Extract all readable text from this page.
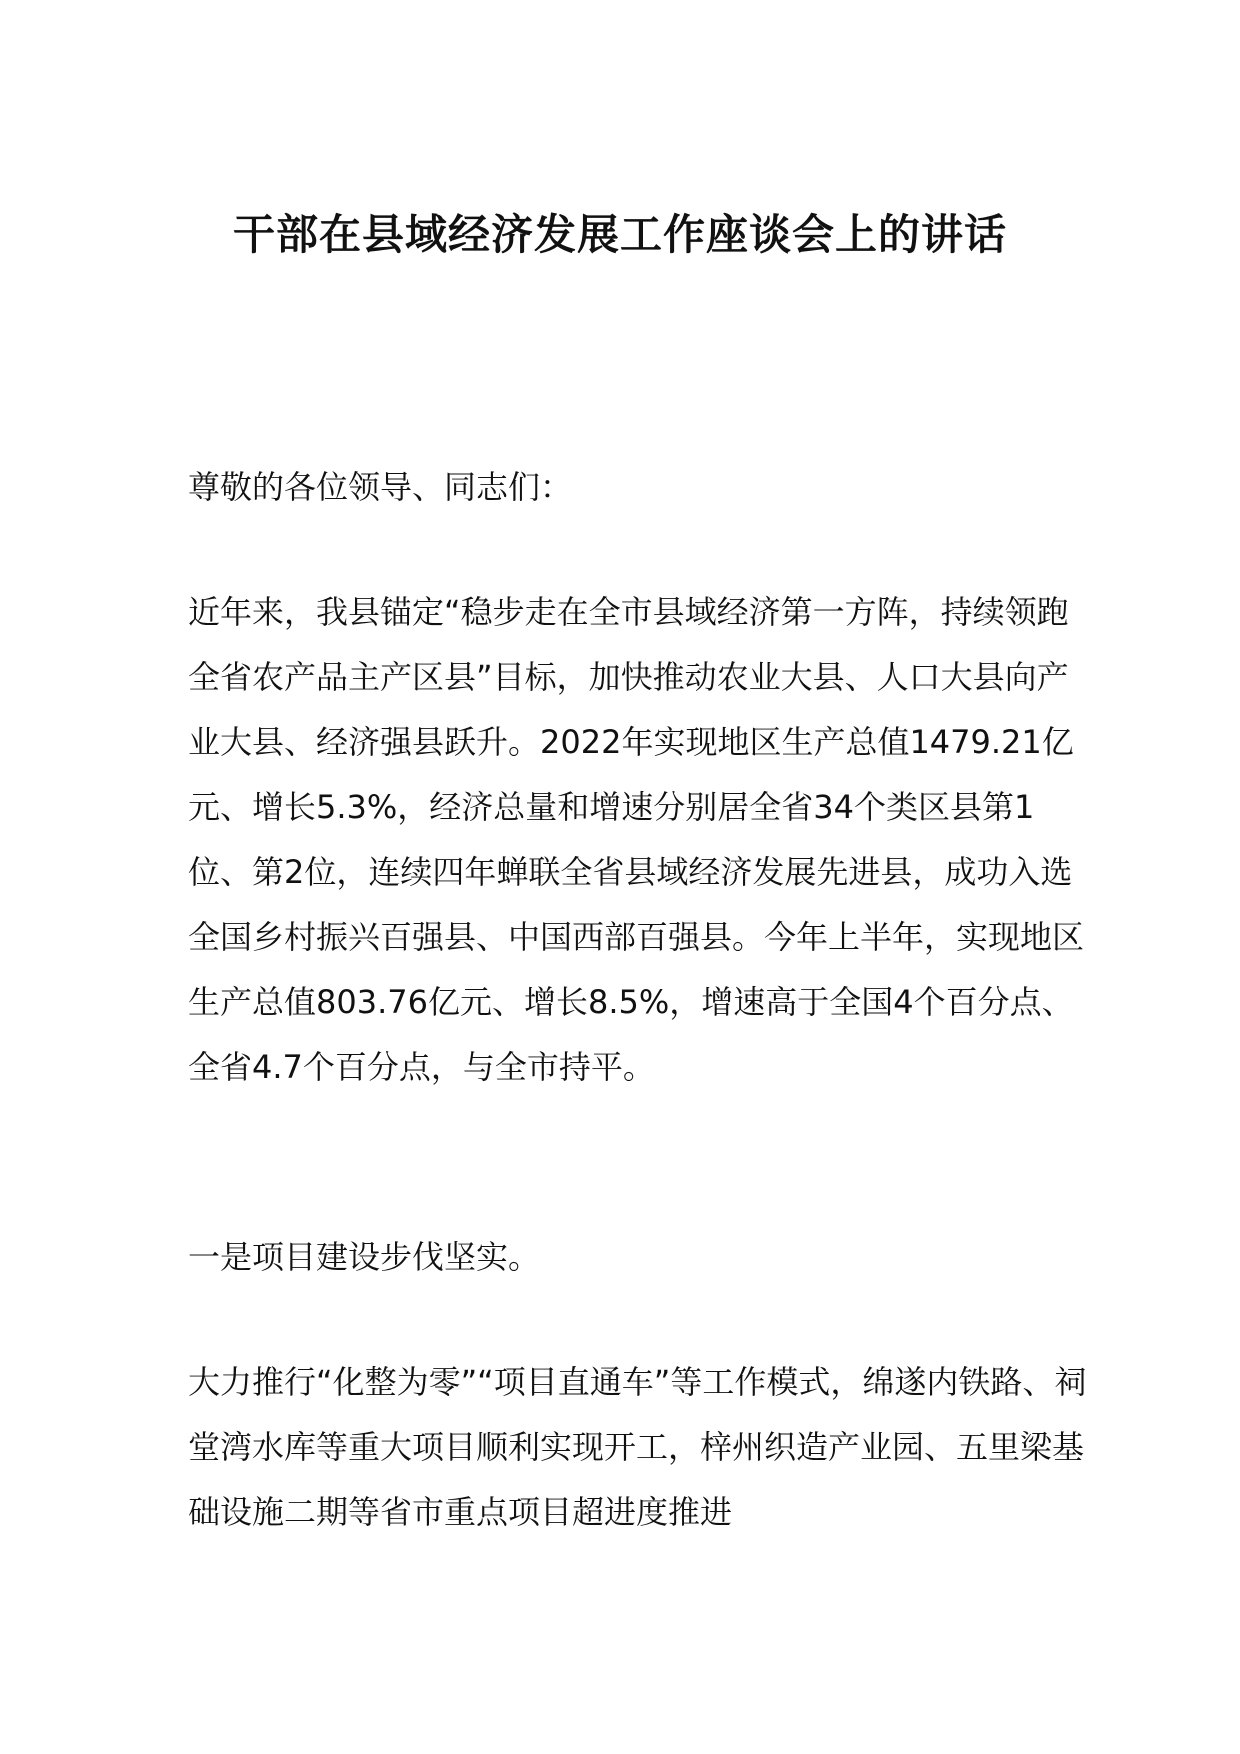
干部在县域经济发展工作座谈会上的讲话

尊敬的各位领导、同志们：

近年来，我县锚定“稳步走在全市县域经济第一方阵，持续领跑全省农产品主产区县”目标，加快推动农业大县、人口大县向产业大县、经济强县跃升。2022年实现地区生产总值1479.21亿元、增长5.3%，经济总量和增速分别居全省34个类区县第1位、第2位，连续四年蝉联全省县域经济发展先进县，成功入选全国乡村振兴百强县、中国西部百强县。今年上半年，实现地区生产总值803.76亿元、增长8.5%，增速高于全国4个百分点、全省4.7个百分点，与全市持平。

一是项目建设步伐坚实。

大力推行“化整为零”“项目直通车”等工作模式，绵遂内铁路、祠堂湾水库等重大项目顺利实现开工，梓州织造产业园、五里梁基础设施二期等省市重点项目超进度推进
